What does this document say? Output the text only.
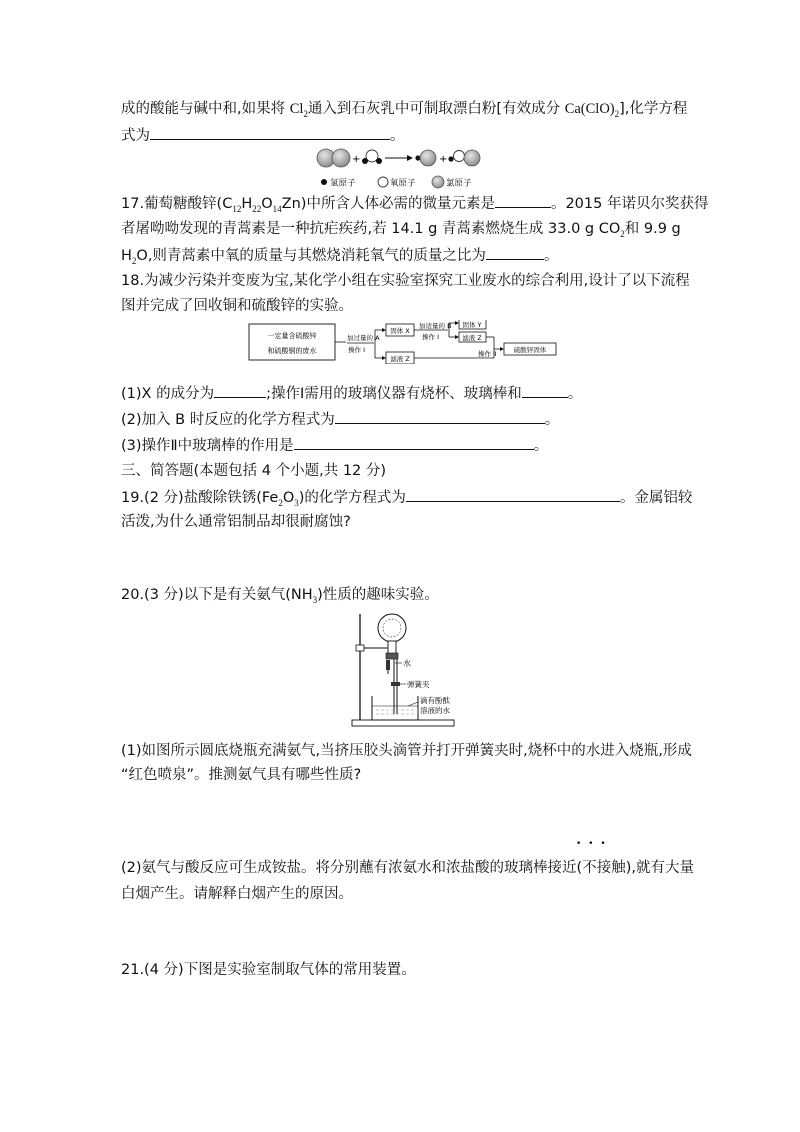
成的酸能与碱中和,如果将 $Cl_2$通入到石灰乳中可制取漂白粉[有效成分 $Ca(ClO)_2$],化学方程
式为	。
+	+
氢原子	氧原子	氯原子
17.葡萄糖酸锌$(C_{12}H_{22}O_{14}Zn)$中所含人体必需的微量元素是	。2015 年诺贝尔奖获得
者屠呦呦发现的青蒿素是一种抗疟疾药,若 14.1 g 青蒿素燃烧生成 33.0 g $CO_2$和 9.9 g
$H_2O$,则青蒿素中氧的质量与其燃烧消耗氧气的质量之比为	。
18.为减少污染并变废为宝,某化学小组在实验室探究工业废水的综合利用,设计了以下流程
图并完成了回收铜和硫酸锌的实验。
一定量含硫酸锌
和硫酸铜的废水
加过量的 A
操作 Ⅰ
固体 X
滤液 Z
加适量的 B
操作 Ⅰ
固体 Y
滤液 Z
操作 Ⅱ	硫酸锌固体
(1)X 的成分为	;操作Ⅰ需用的玻璃仪器有烧杯、玻璃棒和	。
(2)加入 B 时反应的化学方程式为	。
(3)操作Ⅱ中玻璃棒的作用是	。
三、简答题(本题包括 4 个小题,共 12 分)
19.(2 分)盐酸除铁锈$(Fe_2O_3)$的化学方程式为	。金属铝较
活泼,为什么通常铝制品却很耐腐蚀?
20.(3 分)以下是有关氨气$(NH_3)$性质的趣味实验。
水
弹簧夹
滴有酚酞
溶液的水
(1)如图所示圆底烧瓶充满氨气,当挤压胶头滴管并打开弹簧夹时,烧杯中的水进入烧瓶,形成
“红色喷泉”。推测氨气具有哪些性质?
• • •
(2)氨气与酸反应可生成铵盐。将分别蘸有浓氨水和浓盐酸的玻璃棒接近(不接触),就有大量
白烟产生。请解释白烟产生的原因。
21.(4 分)下图是实验室制取气体的常用装置。
